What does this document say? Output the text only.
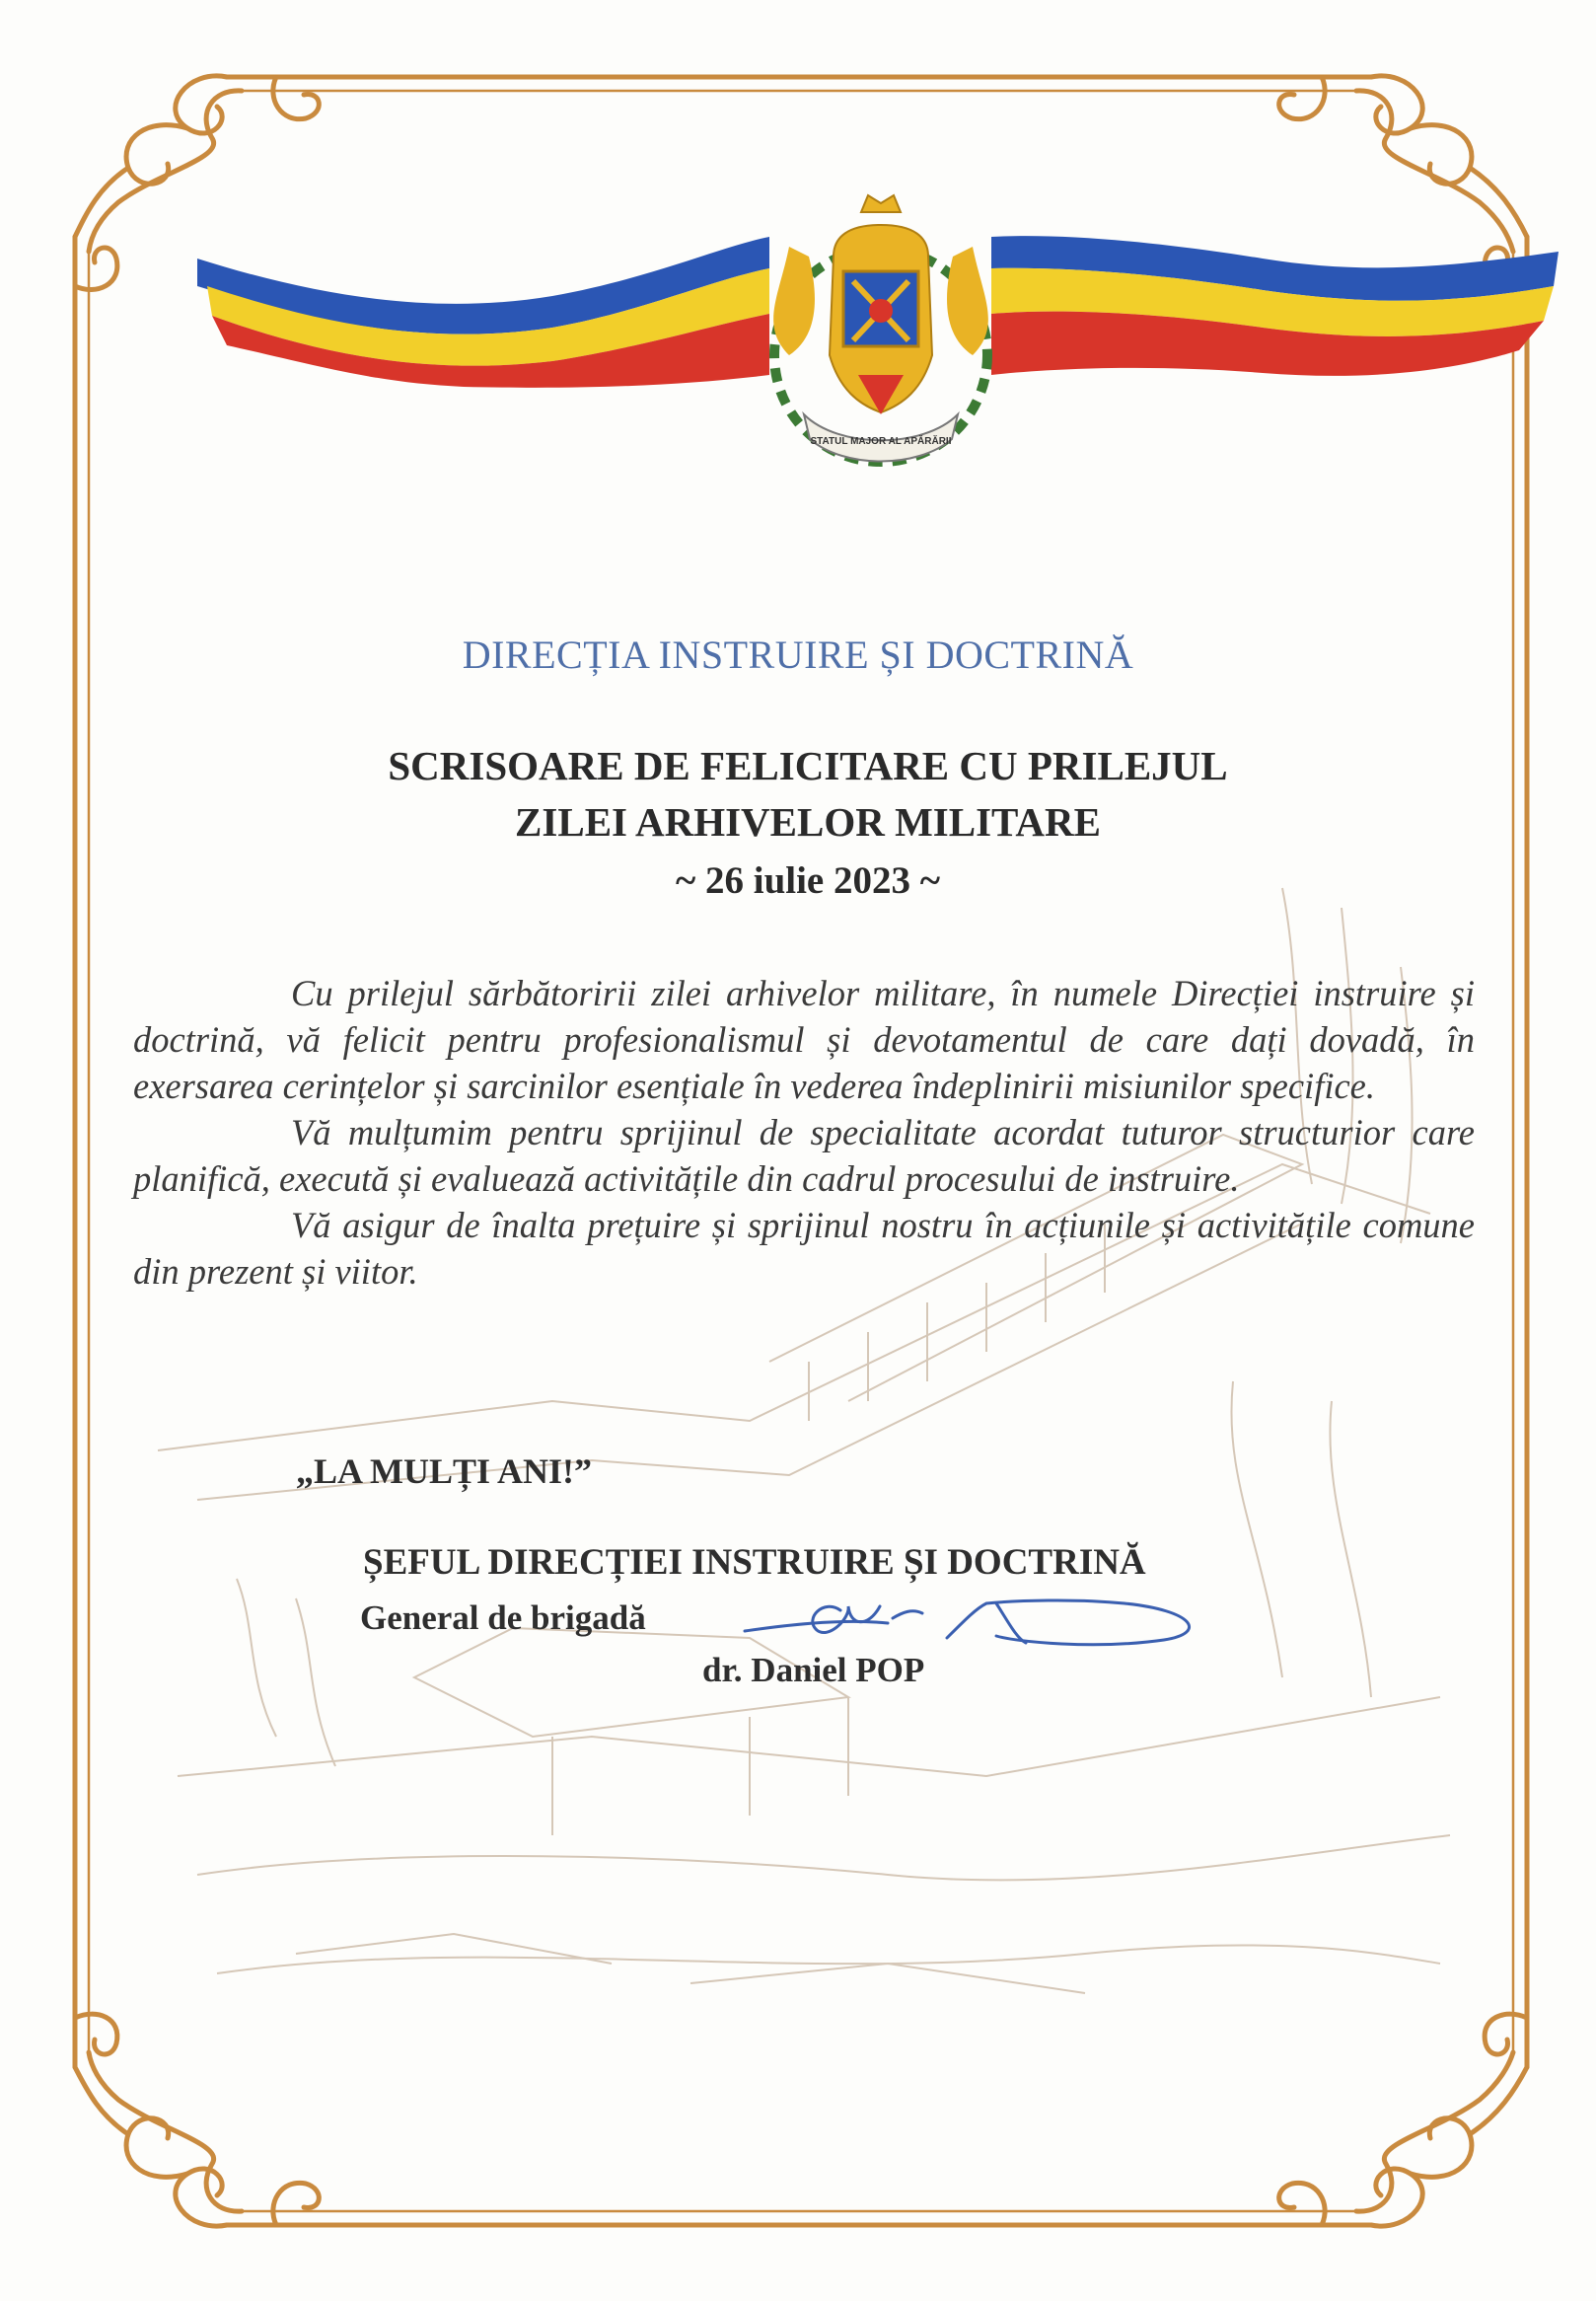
STATUL MAJOR AL APĂRĂRII
DIRECȚIA INSTRUIRE ȘI DOCTRINĂ
SCRISOARE DE FELICITARE CU PRILEJUL
ZILEI ARHIVELOR MILITARE
~ 26 iulie 2023 ~

Cu prilejul sărbătoririi zilei arhivelor militare, în numele Direcției instruire și doctrină, vă felicit pentru profesionalismul și devotamentul de care dați dovadă, în exersarea cerințelor și sarcinilor esențiale în vederea îndeplinirii misiunilor specifice.

Vă mulțumim pentru sprijinul de specialitate acordat tuturor structurior care planifică, execută și evaluează activitățile din cadrul procesului de instruire.

Vă asigur de înalta prețuire și sprijinul nostru în acțiunile și activitățile comune din prezent și viitor.

„LA MULȚI ANI!”
ȘEFUL DIRECȚIEI INSTRUIRE ȘI DOCTRINĂ
General de brigadă
dr. Daniel POP
